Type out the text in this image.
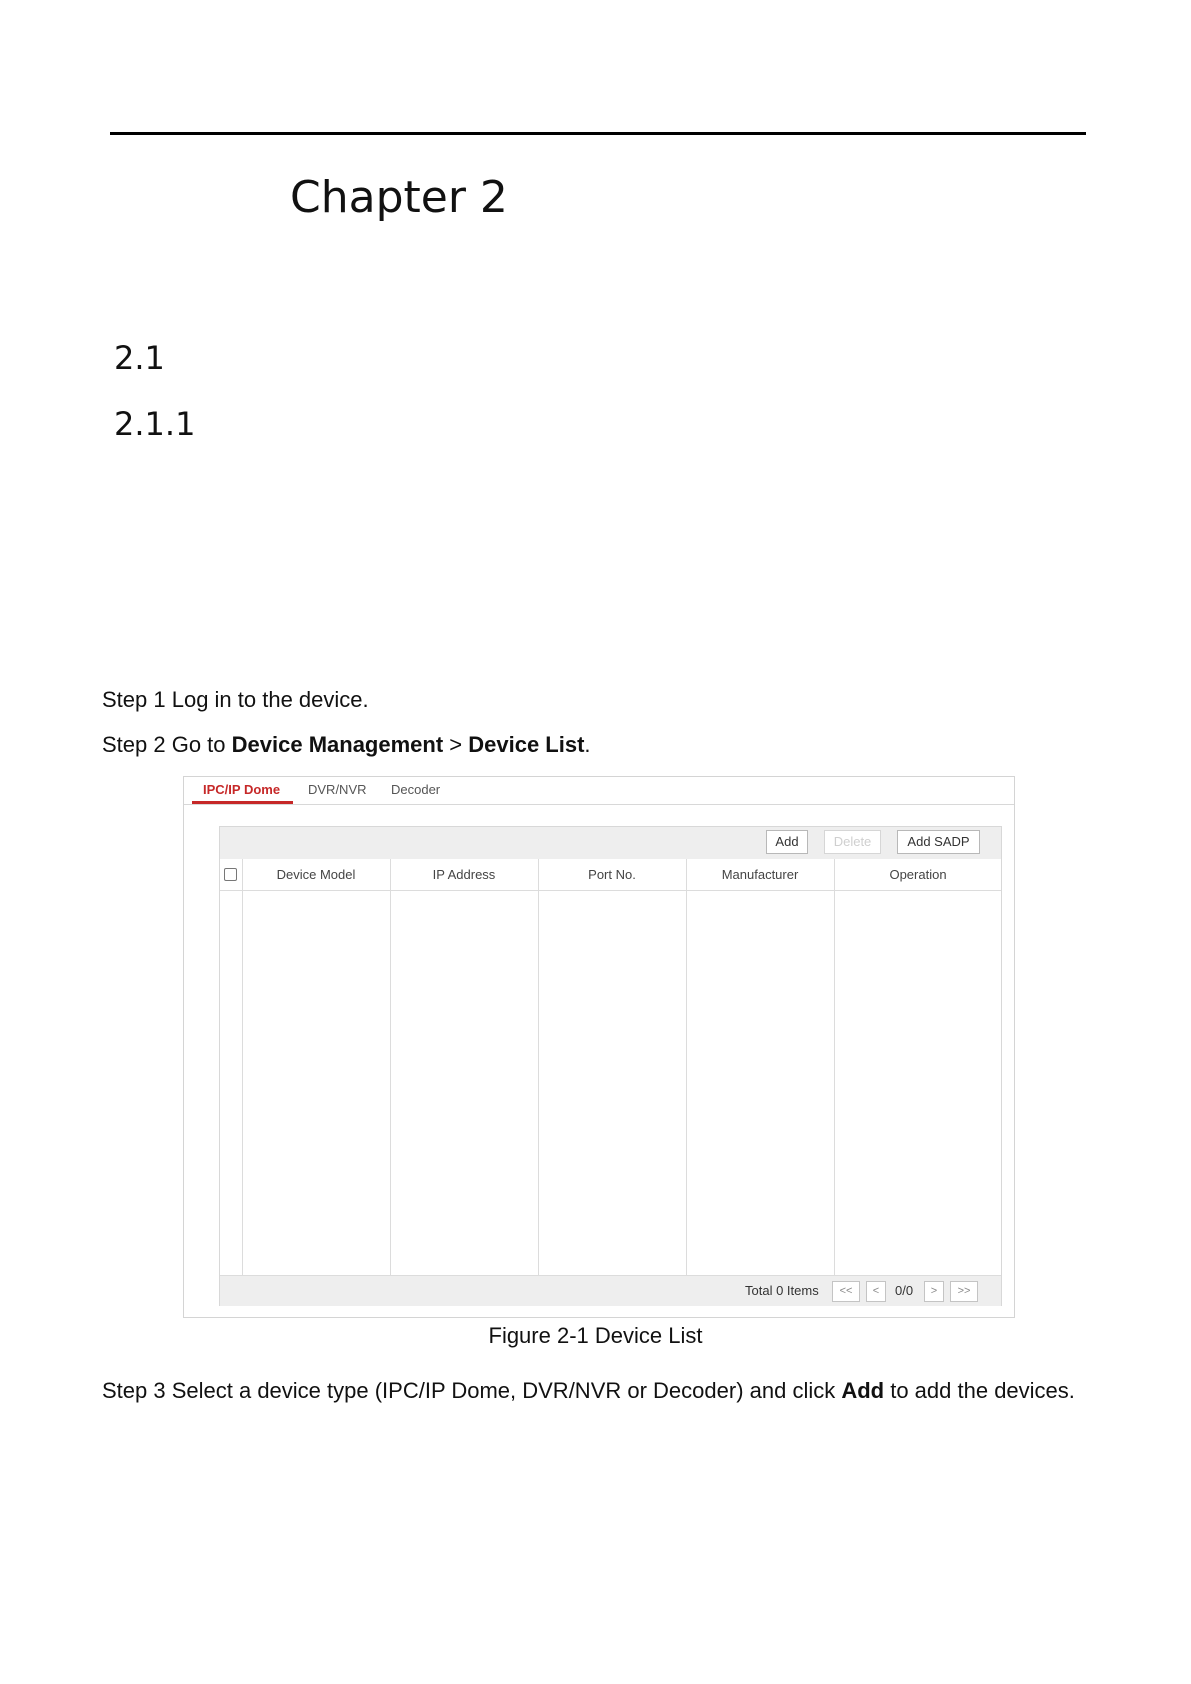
Chapter 2
2.1
2.1.1
Step 1 Log in to the device.
Step 2 Go to Device Management > Device List.
IPC/IP Dome DVR/NVR Decoder
Add	Delete	Add SADP
Device Model	IP Address	Port No.	Manufacturer	Operation
Total 0 Items	<<	<	0/0	>	>>
Figure 2-1 Device List
Step 3 Select a device type (IPC/IP Dome, DVR/NVR or Decoder) and click Add to add the devices.
